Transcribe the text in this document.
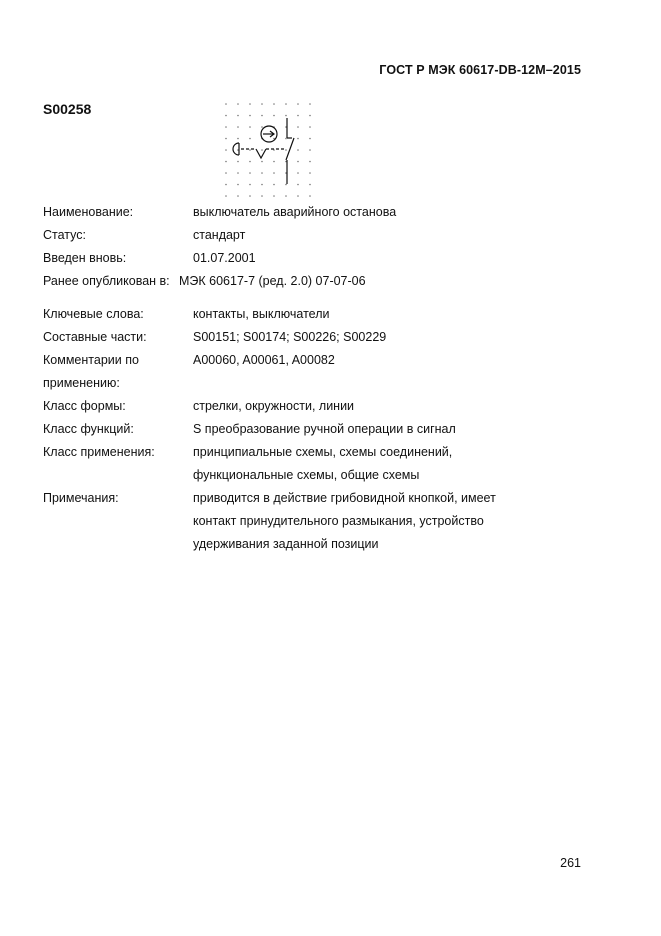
ГОСТ Р МЭК 60617-DB-12M–2015
S00258
Наименование:	выключатель аварийного останова
Статус:	стандарт
Введен вновь:	01.07.2001
Ранее опубликован в: МЭК 60617-7 (ред. 2.0) 07-07-06
Ключевые слова:	контакты, выключатели
Составные части:	S00151; S00174; S00226; S00229
Комментарии по
применению:
A00060, A00061, A00082
Класс формы:	стрелки, окружности, линии
Класс функций:	S преобразование ручной операции в сигнал
Класс применения:	принципиальные схемы, схемы соединений,
функциональные схемы, общие схемы
Примечания:	приводится в действие грибовидной кнопкой, имеет
контакт принудительного размыкания, устройство
удерживания заданной позиции
261
